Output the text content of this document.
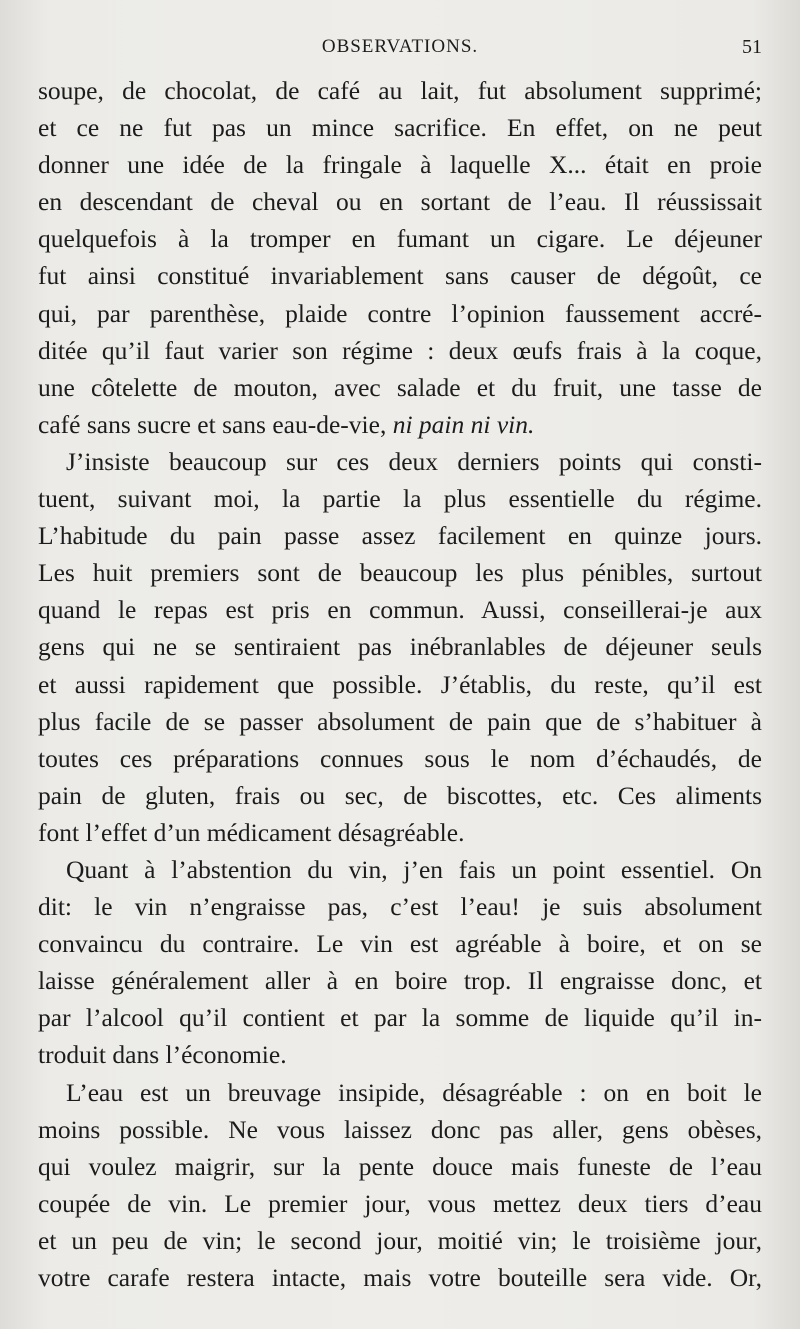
OBSERVATIONS.	51

soupe, de chocolat, de café au lait, fut absolument supprimé;

et ce ne fut pas un mince sacrifice. En effet, on ne peut

donner une idée de la fringale à laquelle X... était en proie

en descendant de cheval ou en sortant de l’eau. Il réussissait

quelquefois à la tromper en fumant un cigare. Le déjeuner

fut ainsi constitué invariablement sans causer de dégoût, ce

qui, par parenthèse, plaide contre l’opinion faussement accré-

ditée qu’il faut varier son régime : deux œufs frais à la coque,

une côtelette de mouton, avec salade et du fruit, une tasse de

café sans sucre et sans eau-de-vie, ni pain ni vin.

J’insiste beaucoup sur ces deux derniers points qui consti-

tuent, suivant moi, la partie la plus essentielle du régime.

L’habitude du pain passe assez facilement en quinze jours.

Les huit premiers sont de beaucoup les plus pénibles, surtout

quand le repas est pris en commun. Aussi, conseillerai-je aux

gens qui ne se sentiraient pas inébranlables de déjeuner seuls

et aussi rapidement que possible. J’établis, du reste, qu’il est

plus facile de se passer absolument de pain que de s’habituer à

toutes ces préparations connues sous le nom d’échaudés, de

pain de gluten, frais ou sec, de biscottes, etc. Ces aliments

font l’effet d’un médicament désagréable.

Quant à l’abstention du vin, j’en fais un point essentiel. On

dit: le vin n’engraisse pas, c’est l’eau! je suis absolument

convaincu du contraire. Le vin est agréable à boire, et on se

laisse généralement aller à en boire trop. Il engraisse donc, et

par l’alcool qu’il contient et par la somme de liquide qu’il in-

troduit dans l’économie.

L’eau est un breuvage insipide, désagréable : on en boit le

moins possible. Ne vous laissez donc pas aller, gens obèses,

qui voulez maigrir, sur la pente douce mais funeste de l’eau

coupée de vin. Le premier jour, vous mettez deux tiers d’eau

et un peu de vin; le second jour, moitié vin; le troisième jour,

votre carafe restera intacte, mais votre bouteille sera vide. Or,
